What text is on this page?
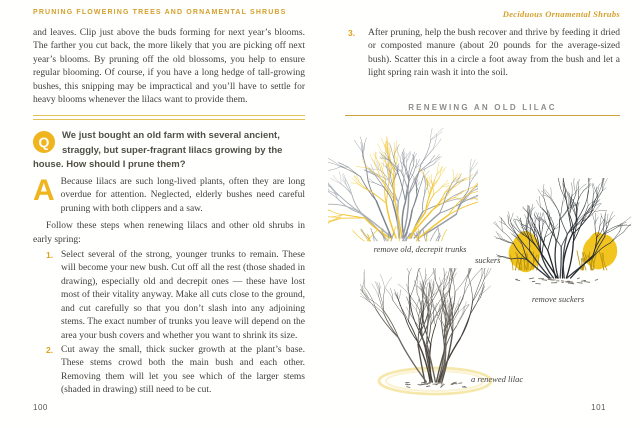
PRUNING FLOWERING TREES AND ORNAMENTAL SHRUBS

and leaves. Clip just above the buds forming for next year’s blooms. The farther you cut back, the more likely that you are picking off next year’s blooms. By pruning off the old blossoms, you help to ensure regular blooming. Of course, if you have a long hedge of tall-growing bushes, this snipping may be impractical and you’ll have to settle for heavy blooms whenever the lilacs want to provide them.

Q	We just bought an old farm with several ancient, straggly, but super-fragrant lilacs growing by the house. How should I prune them?

A Because lilacs are such long-lived plants, often they are long overdue for attention. Neglected, elderly bushes need careful pruning with both clippers and a saw.

Follow these steps when renewing lilacs and other old shrubs in early spring:

1. Select several of the strong, younger trunks to remain. These will become your new bush. Cut off all the rest (those shaded in drawing), especially old and decrepit ones — these have lost most of their vitality anyway. Make all cuts close to the ground, and cut carefully so that you don’t slash into any adjoining stems. The exact number of trunks you leave will depend on the area your bush covers and whether you want to shrink its size.

2. Cut away the small, thick sucker growth at the plant’s base. These stems crowd both the main bush and each other. Removing them will let you see which of the larger stems (shaded in drawing) still need to be cut.

100
Deciduous Ornamental Shrubs
3.	After pruning, help the bush recover and thrive by feeding it dried or composted manure (about 20 pounds for the average-sized bush). Scatter this in a circle a foot away from the bush and let a light spring rain wash it into the soil.

101
RENEWING AN OLD LILAC
remove old, decrepit trunks
suckers
remove suckers
a renewed lilac
